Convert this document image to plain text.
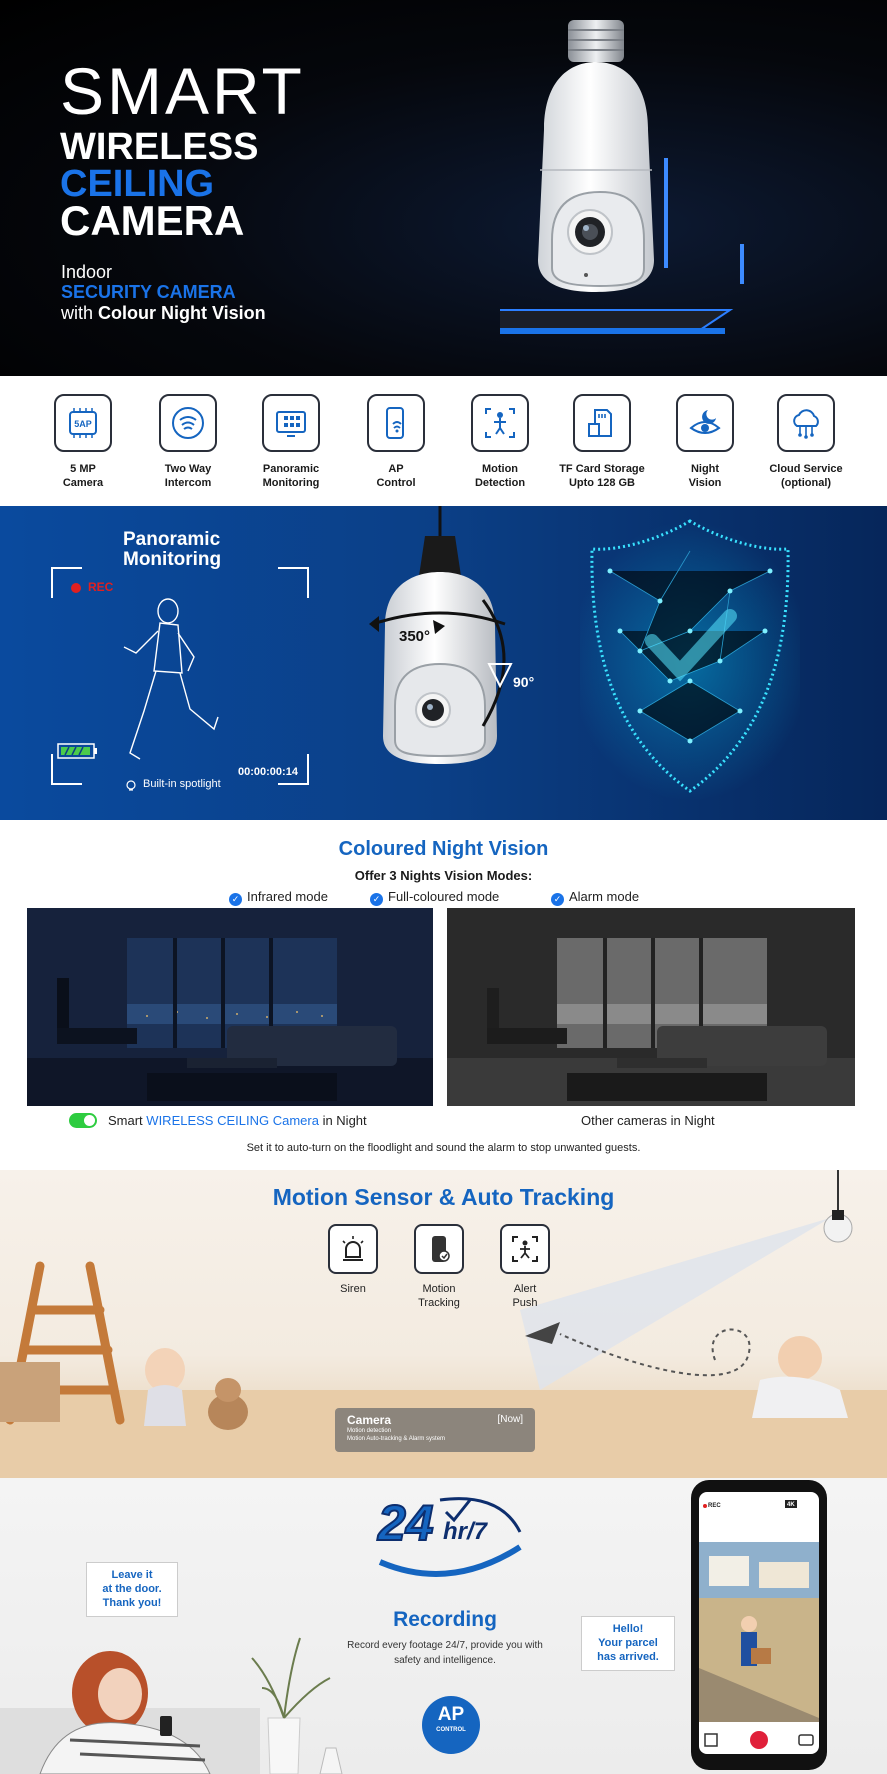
SMART
WIRELESS
CEILING
CAMERA
Indoor
SECURITY CAMERA
with Colour Night Vision
5AP
5 MP
Camera
Two Way
Intercom
Panoramic
Monitoring
AP
Control
Motion
Detection
TF Card Storage
Upto 128 GB
Night
Vision
Cloud Service
(optional)
REC
Panoramic
Monitoring
Built-in spotlight
00:00:00:14
350°
90°
Coloured Night Vision
Offer 3 Nights Vision Modes:
✓ Infrared mode	✓ Full-coloured mode	✓ Alarm mode
Smart WIRELESS CEILING Camera in Night	Other cameras in Night
Set it to auto-turn on the floodlight and sound the alarm to stop unwanted guests.
Motion Sensor & Auto Tracking
Siren	Motion
Tracking
Alert
Push
Camera	[Now]
Motion detection
Motion Auto-tracking & Alarm system
Leave it
at the door.
Thank you!
24 hr/7
Recording
Record every footage 24/7, provide you with safety and intelligence.
AP
CONTROL
Hello!
Your parcel
has arrived.
REC	4K
